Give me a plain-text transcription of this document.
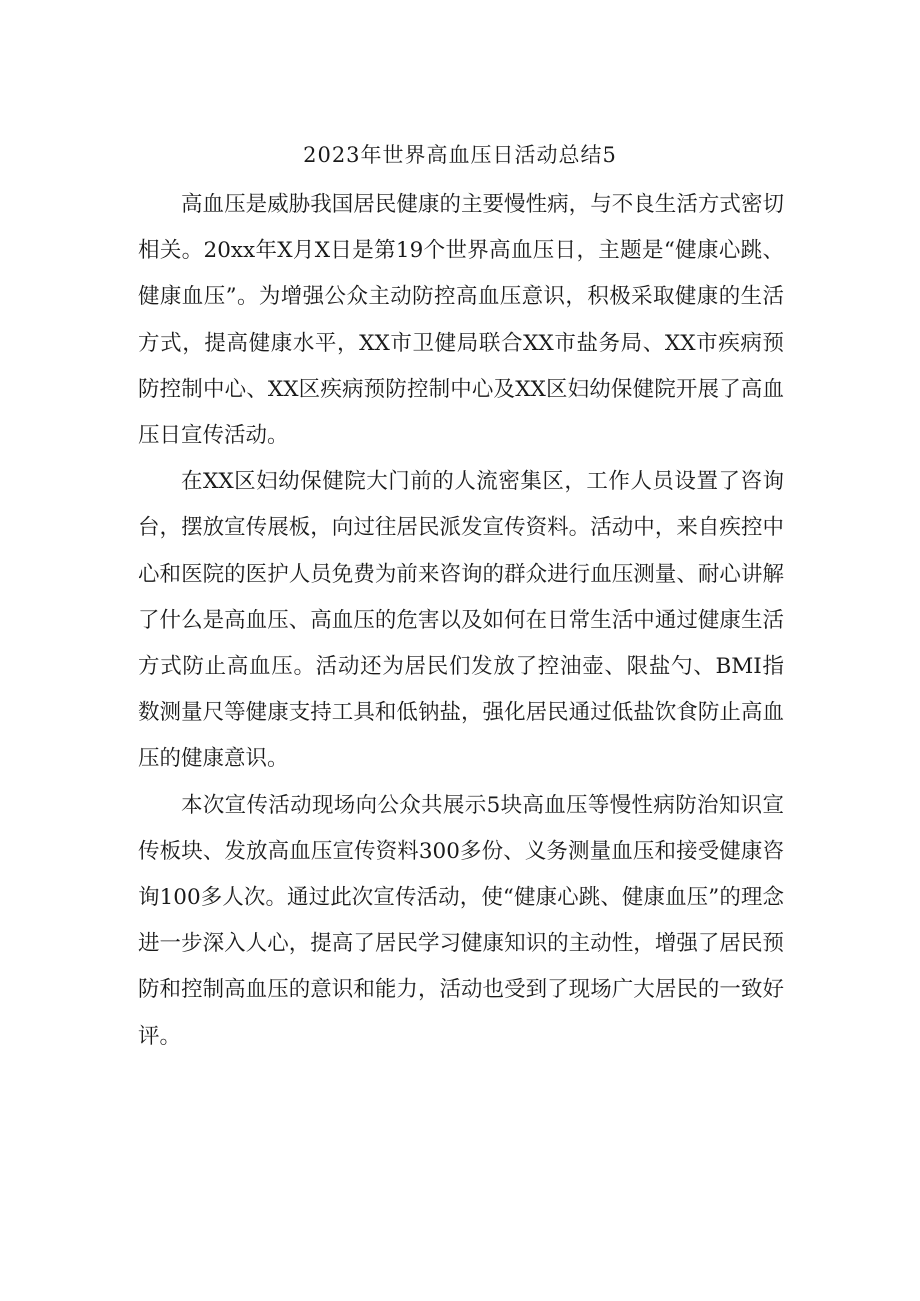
2023年世界高血压日活动总结5

高血压是威胁我国居民健康的主要慢性病，与不良生活方式密切相关。20xx年X月X日是第19个世界高血压日，主题是“健康心跳、健康血压”。为增强公众主动防控高血压意识，积极采取健康的生活方式，提高健康水平，XX市卫健局联合XX市盐务局、XX市疾病预防控制中心、XX区疾病预防控制中心及XX区妇幼保健院开展了高血压日宣传活动。

在XX区妇幼保健院大门前的人流密集区，工作人员设置了咨询台，摆放宣传展板，向过往居民派发宣传资料。活动中，来自疾控中心和医院的医护人员免费为前来咨询的群众进行血压测量、耐心讲解了什么是高血压、高血压的危害以及如何在日常生活中通过健康生活方式防止高血压。活动还为居民们发放了控油壶、限盐勺、BMI指数测量尺等健康支持工具和低钠盐，强化居民通过低盐饮食防止高血压的健康意识。

本次宣传活动现场向公众共展示5块高血压等慢性病防治知识宣传板块、发放高血压宣传资料300多份、义务测量血压和接受健康咨询100多人次。通过此次宣传活动，使“健康心跳、健康血压”的理念进一步深入人心，提高了居民学习健康知识的主动性，增强了居民预防和控制高血压的意识和能力，活动也受到了现场广大居民的一致好评。
